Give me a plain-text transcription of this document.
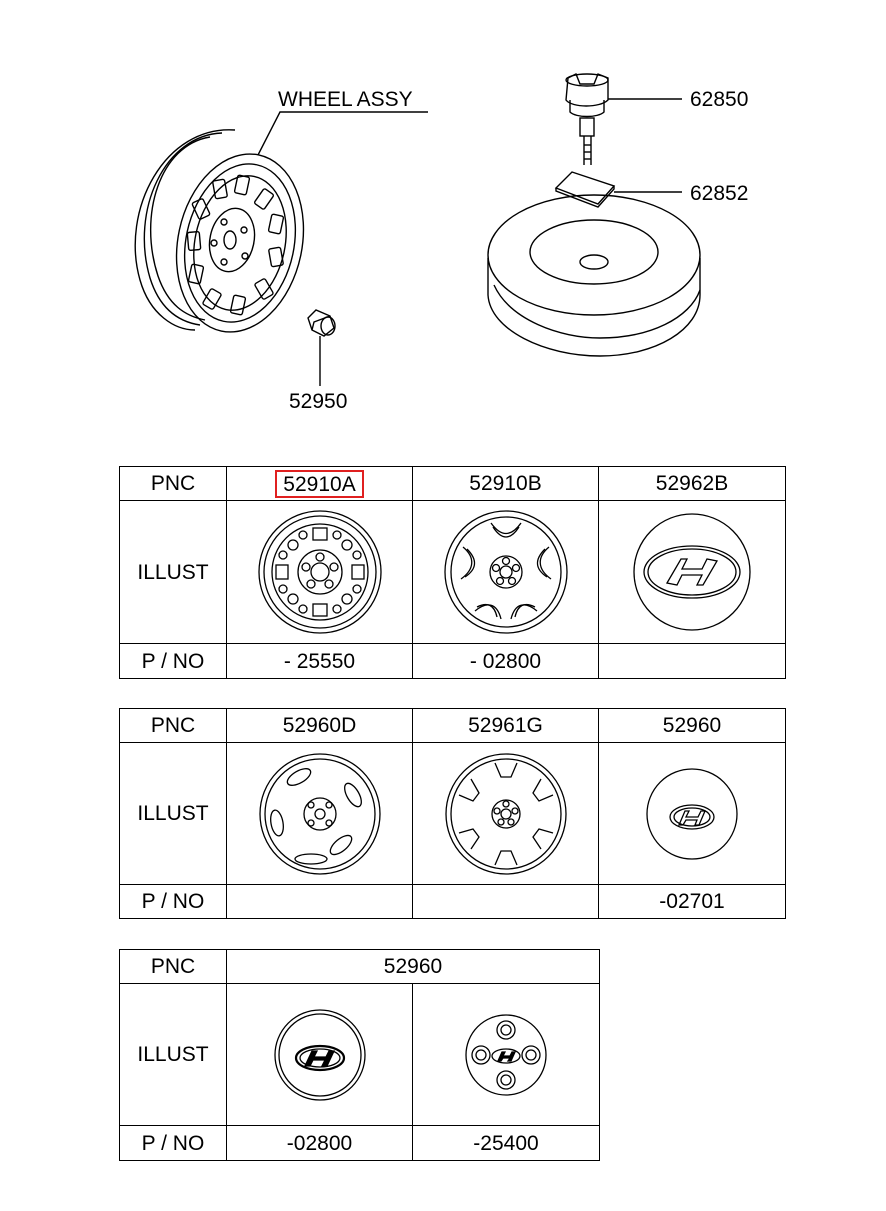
WHEEL ASSY	62850
62852
52950
PNC	52910A	52910B	52962B
ILLUST	

P / NO	- 25550	- 02800	
PNC	52960D	52961G	52960
ILLUST	

P / NO			-02701
PNC	52960	
ILLUST	

P / NO	-02800	-25400
